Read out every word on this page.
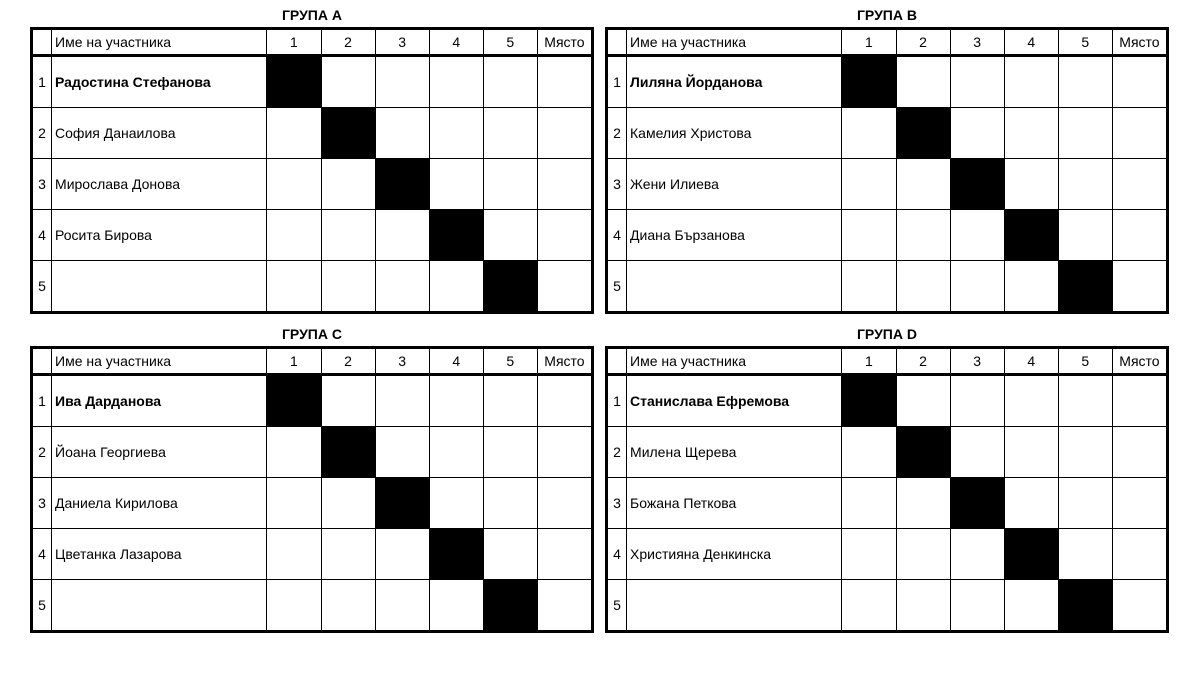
ГРУПА A
	Име на участника	1	2	3	4	5	Място
1	Радостина Стефанова						
2	София Данаилова						
3	Мирослава Донова						
4	Росита Бирова						
5							
ГРУПА B
	Име на участника	1	2	3	4	5	Място
1	Лиляна Йорданова						
2	Камелия Христова						
3	Жени Илиева						
4	Диана Бързанова						
5							
ГРУПА C
	Име на участника	1	2	3	4	5	Място
1	Ива Дарданова						
2	Йоана Георгиева						
3	Даниела Кирилова						
4	Цветанка Лазарова						
5							
ГРУПА D
	Име на участника	1	2	3	4	5	Място
1	Станислава Ефремова						
2	Милена Щерева						
3	Божана Петкова						
4	Християна Денкинска						
5							
